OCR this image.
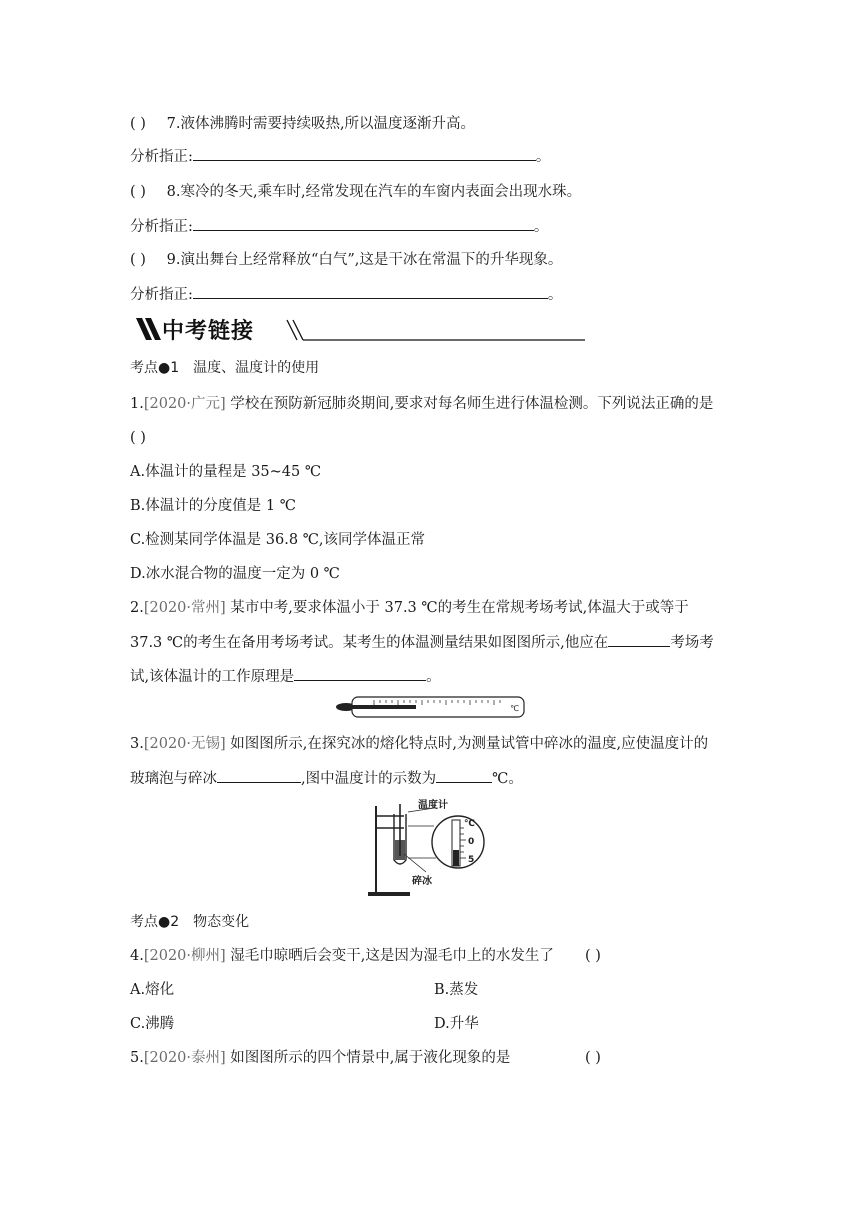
( ) 7.液体沸腾时需要持续吸热,所以温度逐渐升高。
分析指正:	。
( ) 8.寒冷的冬天,乘车时,经常发现在汽车的车窗内表面会出现水珠。
分析指正:	。
( ) 9.演出舞台上经常释放“白气”,这是干冰在常温下的升华现象。
分析指正:	。
中考链接
考点●1　温度、温度计的使用
1.[2020·广元] 学校在预防新冠肺炎期间,要求对每名师生进行体温检测。下列说法正确的是
( )
A.体温计的量程是 35~45 ℃
B.体温计的分度值是 1 ℃
C.检测某同学体温是 36.8 ℃,该同学体温正常
D.冰水混合物的温度一定为 0 ℃
2.[2020·常州] 某市中考,要求体温小于 37.3 ℃的考生在常规考场考试,体温大于或等于
37.3 ℃的考生在备用考场考试。某考生的体温测量结果如图图所示,他应在	考场考
试,该体温计的工作原理是	。
℃
3.[2020·无锡] 如图图所示,在探究冰的熔化特点时,为测量试管中碎冰的温度,应使温度计的
玻璃泡与碎冰	,图中温度计的示数为	℃。
℃
0
5
温度计
碎冰
考点●2　物态变化
4.[2020·柳州] 湿毛巾晾晒后会变干,这是因为湿毛巾上的水发生了 ( )
A.熔化	B.蒸发
C.沸腾	D.升华
5.[2020·泰州] 如图图所示的四个情景中,属于液化现象的是	( )
